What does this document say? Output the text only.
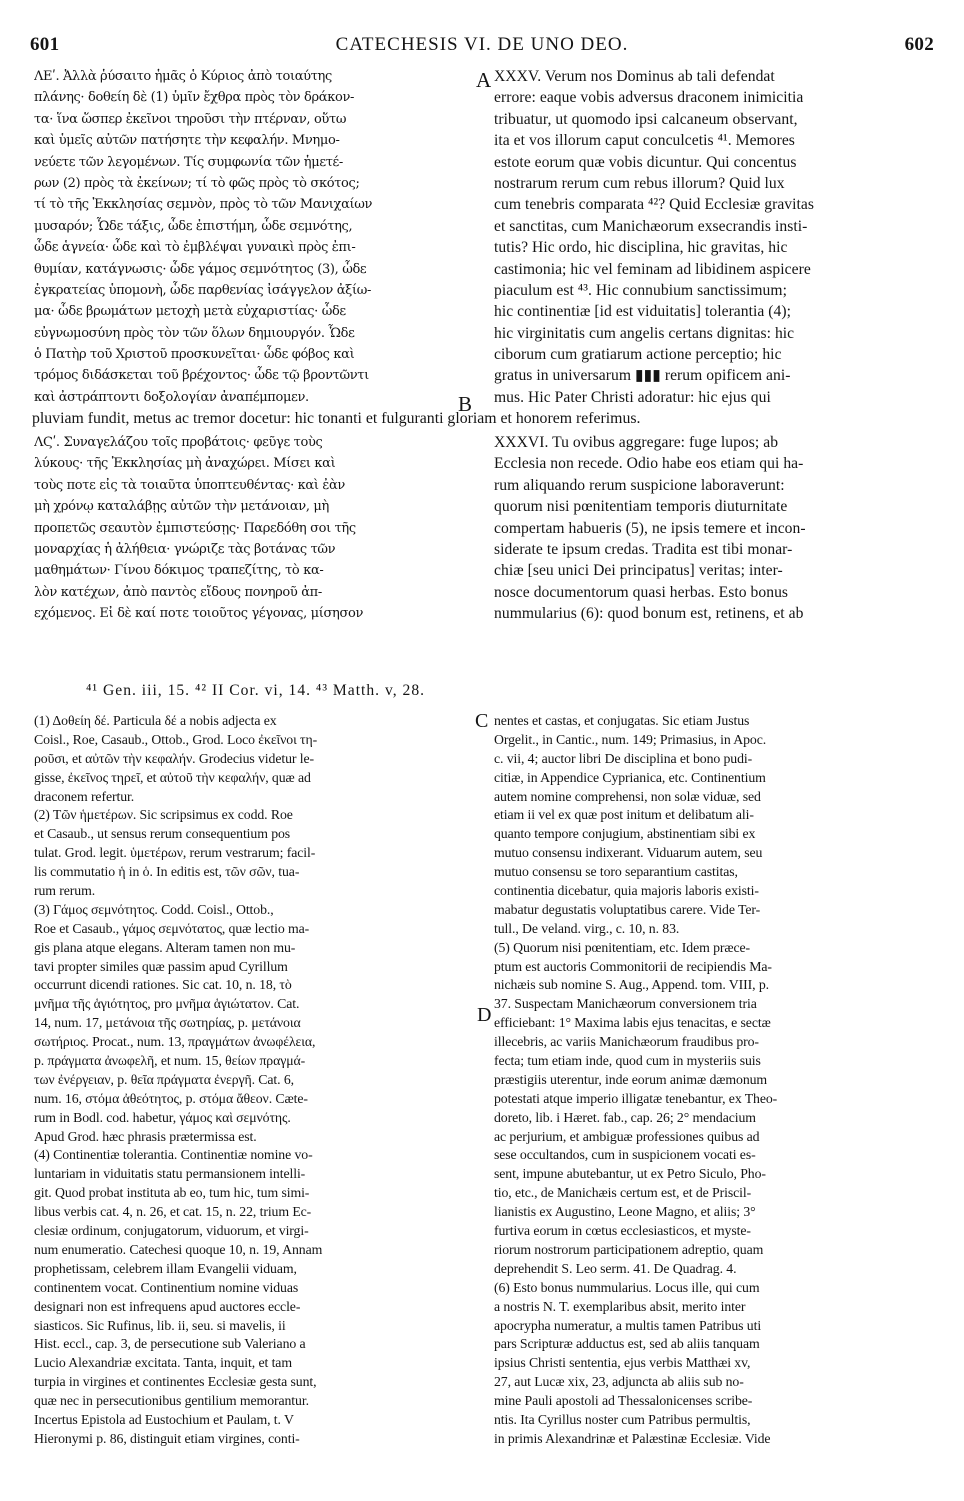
601	CATECHESIS VI. DE UNO DEO.	602
ΛΕʹ. Ἀλλὰ ῥύσαιτο ἡμᾶς ὁ Κύριος ἀπὸ τοιαύτης
πλάνης· δοθείη δὲ (1) ὑμῖν ἔχθρα πρὸς τὸν δράκον-
τα· ἵνα ὥσπερ ἐκεῖνοι τηροῦσι τὴν πτέρναν, οὕτω
καὶ ὑμεῖς αὐτῶν πατήσητε τὴν κεφαλήν. Μνημο-
νεύετε τῶν λεγομένων. Τίς συμφωνία τῶν ἡμετέ-
ρων (2) πρὸς τὰ ἐκείνων; τί τὸ φῶς πρὸς τὸ σκότος;
τί τὸ τῆς Ἐκκλησίας σεμνὸν, πρὸς τὸ τῶν Μανιχαίων
μυσαρόν; Ὧδε τάξις, ὧδε ἐπιστήμη, ὧδε σεμνότης,
ὧδε ἁγνεία· ὧδε καὶ τὸ ἐμβλέψαι γυναικὶ πρὸς ἐπι-
θυμίαν, κατάγνωσις· ὧδε γάμος σεμνότητος (3), ὧδε
ἐγκρατείας ὑπομονὴ, ὧδε παρθενίας ἰσάγγελον ἀξίω-
μα· ὧδε βρωμάτων μετοχὴ μετὰ εὐχαριστίας· ὧδε
εὐγνωμοσύνη πρὸς τὸν τῶν ὅλων δημιουργόν. Ὧδε
ὁ Πατὴρ τοῦ Χριστοῦ προσκυνεῖται· ὧδε φόβος καὶ
τρόμος διδάσκεται τοῦ βρέχοντος· ὧδε τῷ βροντῶντι
καὶ ἀστράπτοντι δοξολογίαν ἀναπέμπομεν.
XXXV. Verum nos Dominus ab tali defendat
errore: eaque vobis adversus draconem inimicitia
tribuatur, ut quomodo ipsi calcaneum observant,
ita et vos illorum caput conculcetis ⁴¹. Memores
estote eorum quæ vobis dicuntur. Qui concentus
nostrarum rerum cum rebus illorum? Quid lux
cum tenebris comparata ⁴²? Quid Ecclesiæ gravitas
et sanctitas, cum Manichæorum exsecrandis insti-
tutis? Hic ordo, hic disciplina, hic gravitas, hic
castimonia; hic vel feminam ad libidinem aspicere
piaculum est ⁴³. Hic connubium sanctissimum;
hic continentiæ [id est viduitatis] tolerantia (4);
hic virginitatis cum angelis certans dignitas: hic
ciborum cum gratiarum actione perceptio; hic
gratus in universarum ▮▮▮ rerum opificem ani-
mus. Hic Pater Christi adoratur: hic ejus qui
A
B
pluviam fundit, metus ac tremor docetur: hic tonanti et fulguranti gloriam et honorem referimus.
ΛϚʹ. Συναγελάζου τοῖς προβάτοις· φεῦγε τοὺς
λύκους· τῆς Ἐκκλησίας μὴ ἀναχώρει. Μίσει καὶ
τοὺς ποτε εἰς τὰ τοιαῦτα ὑποπτευθέντας· καὶ ἐὰν
μὴ χρόνῳ καταλάβῃς αὐτῶν τὴν μετάνοιαν, μὴ
προπετῶς σεαυτὸν ἐμπιστεύσῃς· Παρεδόθη σοι τῆς
μοναρχίας ἡ ἀλήθεια· γνώριζε τὰς βοτάνας τῶν
μαθημάτων· Γίνου δόκιμος τραπεζίτης, τὸ κα-
λὸν κατέχων, ἀπὸ παντὸς εἴδους πονηροῦ ἀπ-
εχόμενος. Εἰ δὲ καί ποτε τοιοῦτος γέγονας, μίσησον
XXXVI. Tu ovibus aggregare: fuge lupos; ab
Ecclesia non recede. Odio habe eos etiam qui ha-
rum aliquando rerum suspicione laboraverunt:
quorum nisi pœnitentiam temporis diuturnitate
compertam habueris (5), ne ipsis temere et incon-
siderate te ipsum credas. Tradita est tibi monar-
chiæ [seu unici Dei principatus] veritas; inter-
nosce documentorum quasi herbas. Esto bonus
nummularius (6): quod bonum est, retinens, et ab
⁴¹ Gen. iii, 15. ⁴² II Cor. vi, 14. ⁴³ Matth. v, 28.
C
D
(1) Δοθείη δέ. Particula δέ a nobis adjecta ex
Coisl., Roe, Casaub., Ottob., Grod. Loco ἐκεῖνοι τη-
ροῦσι, et αὐτῶν τὴν κεφαλήν. Grodecius videtur le-
gisse, ἐκεῖνος τηρεῖ, et αὐτοῦ τὴν κεφαλήν, quæ ad
draconem refertur.
(2) Τῶν ἡμετέρων. Sic scripsimus ex codd. Roe
et Casaub., ut sensus rerum consequentium pos
tulat. Grod. legit. ὑμετέρων, rerum vestrarum; facil-
lis commutatio ἡ in ὁ. In editis est, τῶν σῶν, tua-
rum rerum.
(3) Γάμος σεμνότητος. Codd. Coisl., Ottob.,
Roe et Casaub., γάμος σεμνότατος, quæ lectio ma-
gis plana atque elegans. Alteram tamen non mu-
tavi propter similes quæ passim apud Cyrillum
occurrunt dicendi rationes. Sic cat. 10, n. 18, τὸ
μνῆμα τῆς ἁγιότητος, pro μνῆμα ἁγιώτατον. Cat.
14, num. 17, μετάνοια τῆς σωτηρίας, p. μετάνοια
σωτήριος. Procat., num. 13, πραγμάτων ἀνωφέλεια,
p. πράγματα ἀνωφελῆ, et num. 15, θείων πραγμά-
των ἐνέργειαν, p. θεῖα πράγματα ἐνεργῆ. Cat. 6,
num. 16, στόμα ἀθεότητος, p. στόμα ἄθεον. Cæte-
rum in Bodl. cod. habetur, γάμος καὶ σεμνότης.
Apud Grod. hæc phrasis prætermissa est.
(4) Continentiæ tolerantia. Continentiæ nomine vo-
luntariam in viduitatis statu permansionem intelli-
git. Quod probat instituta ab eo, tum hic, tum simi-
libus verbis cat. 4, n. 26, et cat. 15, n. 22, trium Ec-
clesiæ ordinum, conjugatorum, viduorum, et virgi-
num enumeratio. Catechesi quoque 10, n. 19, Annam
prophetissam, celebrem illam Evangelii viduam,
continentem vocat. Continentium nomine viduas
designari non est infrequens apud auctores eccle-
siasticos. Sic Rufinus, lib. ii, seu. si mavelis, ii
Hist. eccl., cap. 3, de persecutione sub Valeriano a
Lucio Alexandriæ excitata. Tanta, inquit, et tam
turpia in virgines et continentes Ecclesiæ gesta sunt,
quæ nec in persecutionibus gentilium memorantur.
Incertus Epistola ad Eustochium et Paulam, t. V
Hieronymi p. 86, distinguit etiam virgines, conti-
nentes et castas, et conjugatas. Sic etiam Justus
Orgelit., in Cantic., num. 149; Primasius, in Apoc.
c. vii, 4; auctor libri De disciplina et bono pudi-
citiæ, in Appendice Cyprianica, etc. Continentium
autem nomine comprehensi, non solæ viduæ, sed
etiam ii vel ex quæ post initum et delibatum ali-
quanto tempore conjugium, abstinentiam sibi ex
mutuo consensu indixerant. Viduarum autem, seu
mutuo consensu se toro separantium castitas,
continentia dicebatur, quia majoris laboris existi-
mabatur degustatis voluptatibus carere. Vide Ter-
tull., De veland. virg., c. 10, n. 83.
(5) Quorum nisi pœnitentiam, etc. Idem præce-
ptum est auctoris Commonitorii de recipiendis Ma-
nichæis sub nomine S. Aug., Append. tom. VIII, p.
37. Suspectam Manichæorum conversionem tria
efficiebant: 1° Maxima labis ejus tenacitas, e sectæ
illecebris, ac variis Manichæorum fraudibus pro-
fecta; tum etiam inde, quod cum in mysteriis suis
præstigiis uterentur, inde eorum animæ dæmonum
potestati atque imperio illigatæ tenebantur, ex Theo-
doreto, lib. i Hæret. fab., cap. 26; 2° mendacium
ac perjurium, et ambiguæ professiones quibus ad
sese occultandos, cum in suspicionem vocati es-
sent, impune abutebantur, ut ex Petro Siculo, Pho-
tio, etc., de Manichæis certum est, et de Priscil-
lianistis ex Augustino, Leone Magno, et aliis; 3°
furtiva eorum in cœtus ecclesiasticos, et myste-
riorum nostrorum participationem adreptio, quam
deprehendit S. Leo serm. 41. De Quadrag. 4.
(6) Esto bonus nummularius. Locus ille, qui cum
a nostris N. T. exemplaribus absit, merito inter
apocrypha numeratur, a multis tamen Patribus uti
pars Scripturæ adductus est, sed ab aliis tanquam
ipsius Christi sententia, ejus verbis Matthæi xv,
27, aut Lucæ xix, 23, adjuncta ab aliis sub no-
mine Pauli apostoli ad Thessalonicenses scribe-
ntis. Ita Cyrillus noster cum Patribus permultis,
in primis Alexandrinæ et Palæstinæ Ecclesiæ. Vide
